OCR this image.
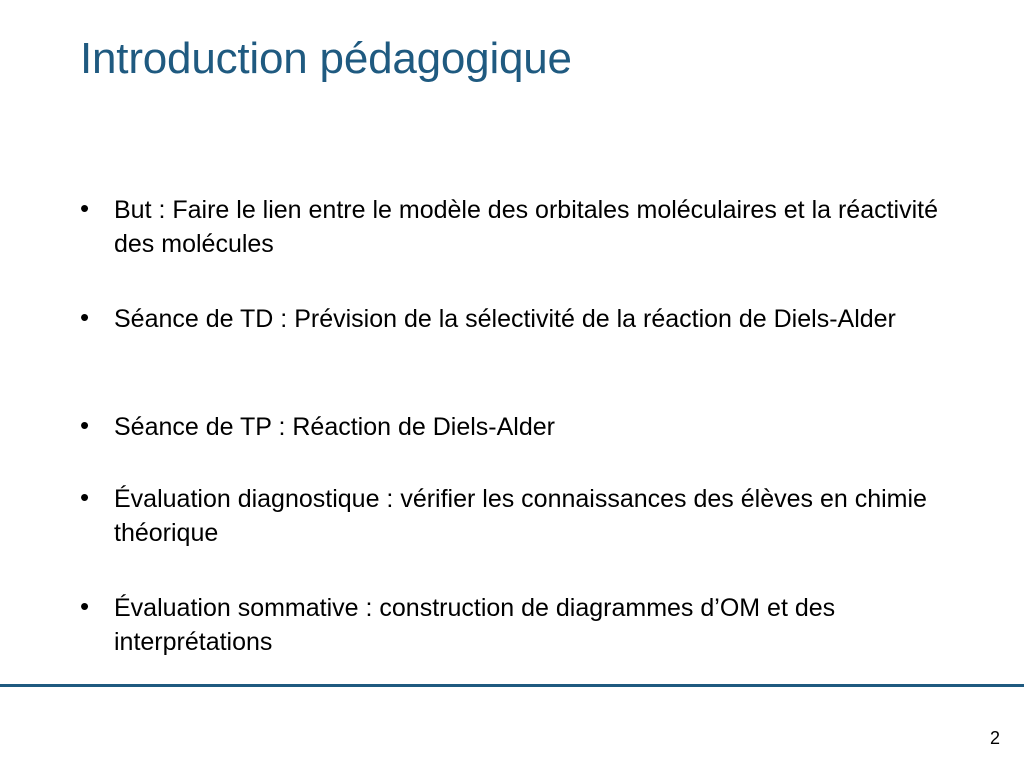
Introduction pédagogique
• But : Faire le lien entre le modèle des orbitales moléculaires et la réactivité des molécules
• Séance de TD : Prévision de la sélectivité de la réaction de Diels-Alder
• Séance de TP : Réaction de Diels-Alder
• Évaluation diagnostique : vérifier les connaissances des élèves en chimie théorique
• Évaluation sommative : construction de diagrammes d’OM et des interprétations
2
